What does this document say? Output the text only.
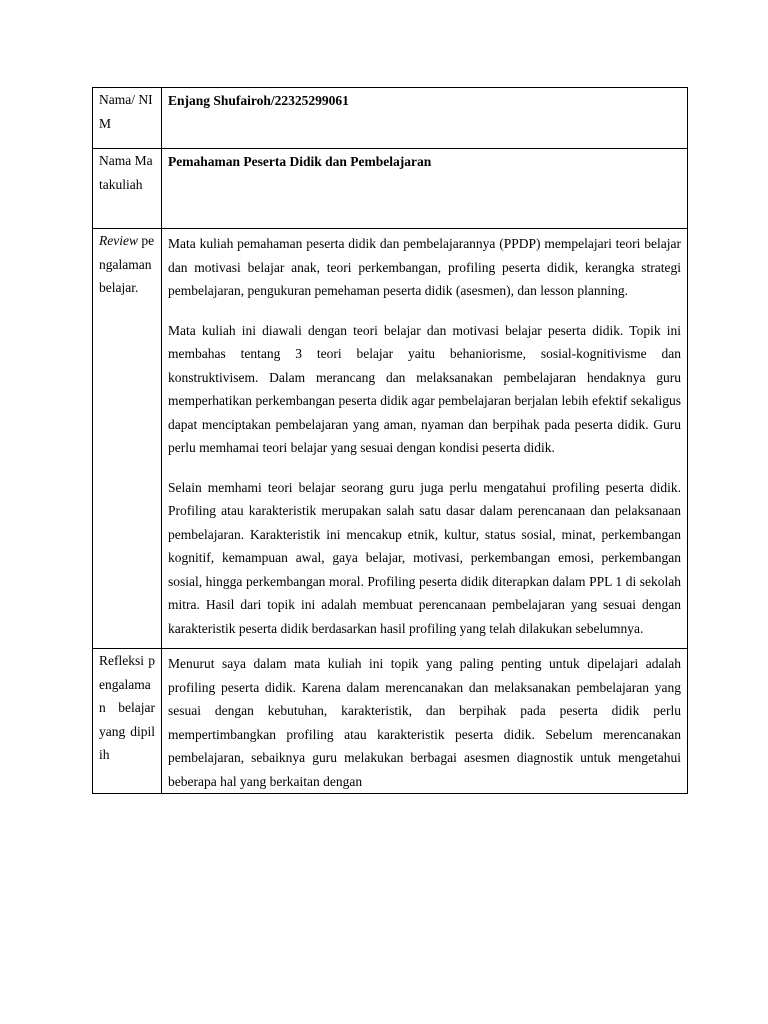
Nama/ NIM	Enjang Shufairoh/22325299061

Nama Matakuliah	Pemahaman Peserta Didik dan Pembelajaran

Review pengalaman belajar.	Mata kuliah pemahaman peserta didik dan pembelajarannya (PPDP) mempelajari teori belajar dan motivasi belajar anak, teori perkembangan, profiling peserta didik, kerangka strategi pembelajaran, pengukuran pemehaman peserta didik (asesmen), dan lesson planning.

Mata kuliah ini diawali dengan teori belajar dan motivasi belajar peserta didik. Topik ini membahas tentang 3 teori belajar yaitu behaniorisme, sosial-kognitivisme dan konstruktivisem. Dalam merancang dan melaksanakan pembelajaran hendaknya guru memperhatikan perkembangan peserta didik agar pembelajaran berjalan lebih efektif sekaligus dapat menciptakan pembelajaran yang aman, nyaman dan berpihak pada peserta didik. Guru perlu memhamai teori belajar yang sesuai dengan kondisi peserta didik.

Selain memhami teori belajar seorang guru juga perlu mengatahui profiling peserta didik. Profiling atau karakteristik merupakan salah satu dasar dalam perencanaan dan pelaksanaan pembelajaran. Karakteristik ini mencakup etnik, kultur, status sosial, minat, perkembangan kognitif, kemampuan awal, gaya belajar, motivasi, perkembangan emosi, perkembangan sosial, hingga perkembangan moral. Profiling peserta didik diterapkan dalam PPL 1 di sekolah mitra. Hasil dari topik ini adalah membuat perencanaan pembelajaran yang sesuai dengan karakteristik peserta didik berdasarkan hasil profiling yang telah dilakukan sebelumnya.

Refleksi pengalaman belajar yang dipilih	Menurut saya dalam mata kuliah ini topik yang paling penting untuk dipelajari adalah profiling peserta didik. Karena dalam merencanakan dan melaksanakan pembelajaran yang sesuai dengan kebutuhan, karakteristik, dan berpihak pada peserta didik perlu mempertimbangkan profiling atau karakteristik peserta didik. Sebelum merencanakan pembelajaran, sebaiknya guru melakukan berbagai asesmen diagnostik untuk mengetahui beberapa hal yang berkaitan dengan
